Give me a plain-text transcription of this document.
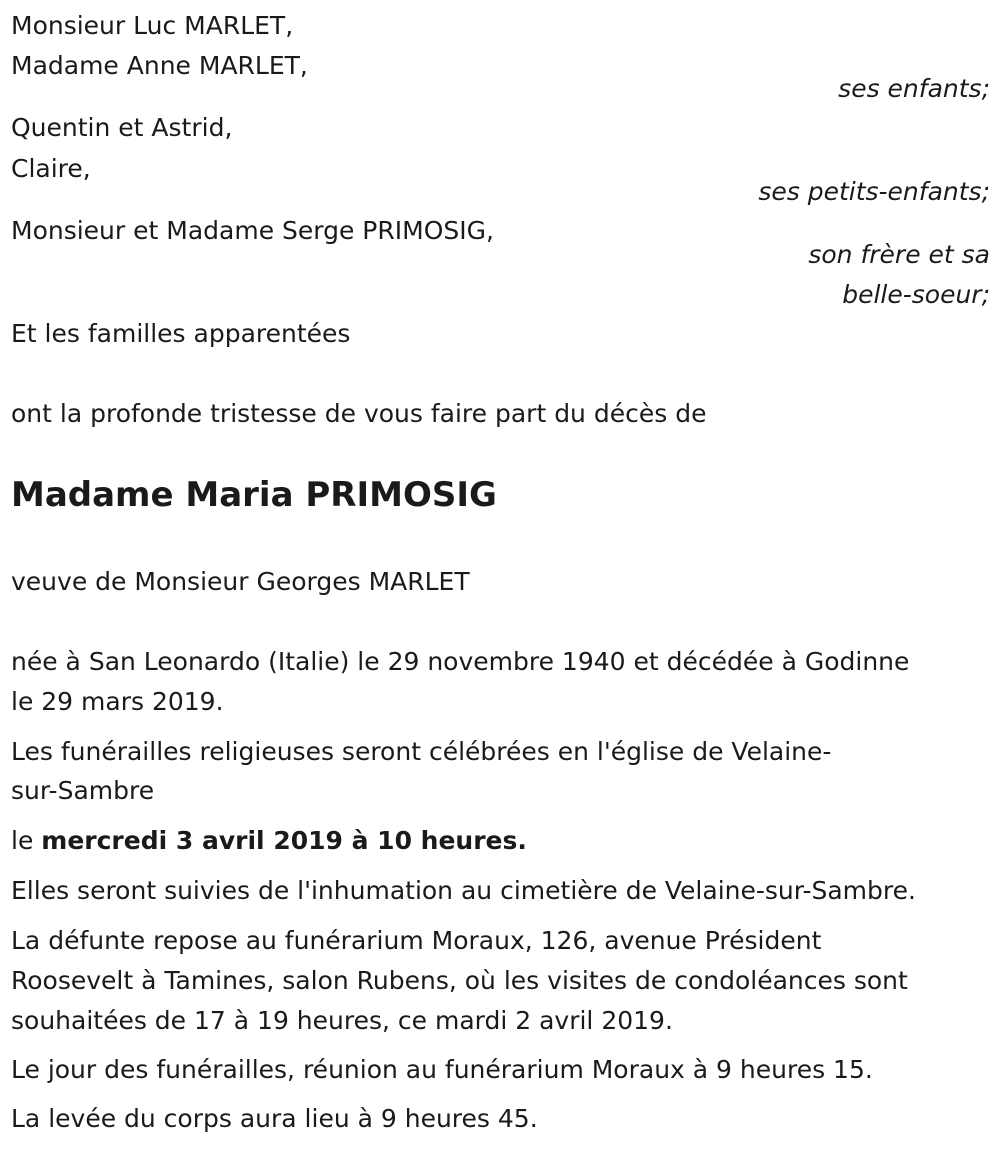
Monsieur Luc MARLET,

Madame Anne MARLET,

ses enfants;

Quentin et Astrid,

Claire,

ses petits-enfants;

Monsieur et Madame Serge PRIMOSIG,

son frère et sa

belle-soeur;

Et les familles apparentées

ont la profonde tristesse de vous faire part du décès de

Madame Maria PRIMOSIG

veuve de Monsieur Georges MARLET

née à San Leonardo (Italie) le 29 novembre 1940 et décédée à Godinne

le 29 mars 2019.

Les funérailles religieuses seront célébrées en l'église de Velaine-

sur-Sambre

le mercredi 3 avril 2019 à 10 heures.

Elles seront suivies de l'inhumation au cimetière de Velaine-sur-Sambre.

La défunte repose au funérarium Moraux, 126, avenue Président

Roosevelt à Tamines, salon Rubens, où les visites de condoléances sont

souhaitées de 17 à 19 heures, ce mardi 2 avril 2019.

Le jour des funérailles, réunion au funérarium Moraux à 9 heures 15.

La levée du corps aura lieu à 9 heures 45.
